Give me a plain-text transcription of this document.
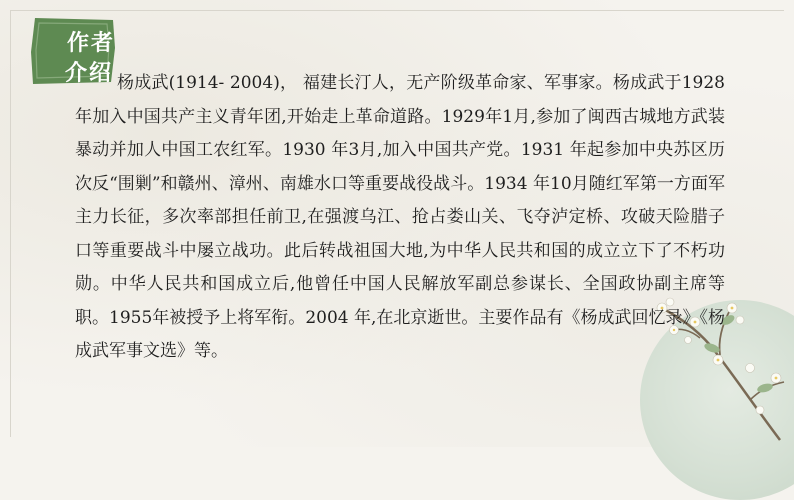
作者
介绍 杨成武(1914- 2004)， 福建长汀人，无产阶级革命家、军事家。杨成武于1928年加入中国共产主义青年团,开始走上革命道路。1929年1月,参加了闽西古城地方武装暴动并加人中国工农红军。1930 年3月,加入中国共产党。1931 年起参加中央苏区历次反“围剿”和赣州、漳州、南雄水口等重要战役战斗。1934 年10月随红军第一方面军主力长征，多次率部担任前卫,在强渡乌江、抢占娄山关、飞夺泸定桥、攻破天险腊子口等重要战斗中屡立战功。此后转战祖国大地,为中华人民共和国的成立立下了不朽功勋。中华人民共和国成立后,他曾任中国人民解放军副总参谋长、全国政协副主席等职。1955年被授予上将军衔。2004 年,在北京逝世。主要作品有《杨成武回忆录》《杨成武军事文选》等。
